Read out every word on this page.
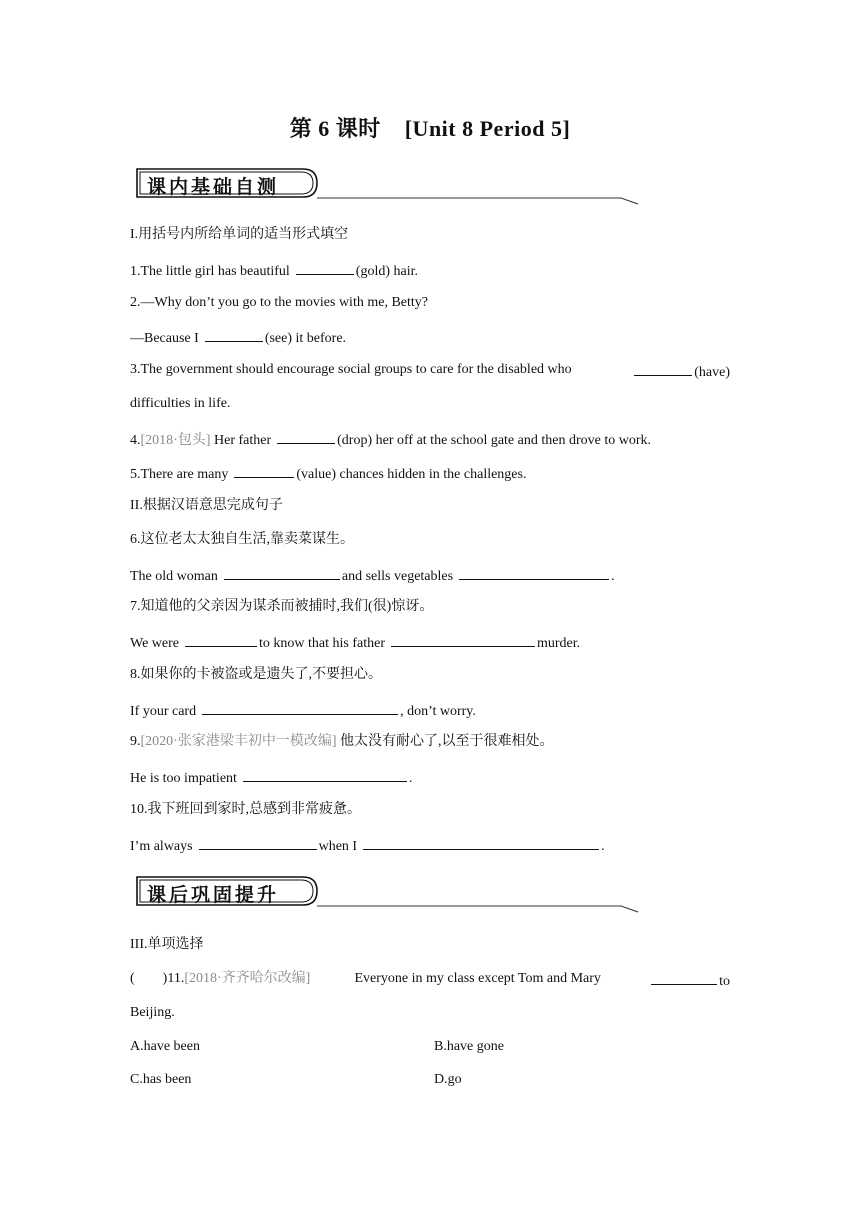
第 6 课时 [Unit 8 Period 5]
课内基础自测
I.用括号内所给单词的适当形式填空
1.The little girl has beautiful	(gold) hair.
2.—Why don’t you go to the movies with me, Betty?
—Because I	(see) it before.
3.The government should encourage social groups to care for the disabled who	(have)
difficulties in life.
4.[2018·包头] Her father	(drop) her off at the school gate and then drove to work.
5.There are many	(value) chances hidden in the challenges.
II.根据汉语意思完成句子
6.这位老太太独自生活,靠卖菜谋生。
The old woman	and sells vegetables	.
7.知道他的父亲因为谋杀而被捕时,我们(很)惊讶。
We were	to know that his father	murder.
8.如果你的卡被盗或是遗失了,不要担心。
If your card	, don’t worry.
9.[2020·张家港梁丰初中一模改编] 他太没有耐心了,以至于很难相处。
He is too impatient	.
10.我下班回到家时,总感到非常疲惫。
I’m always	when I	.
课后巩固提升
III.单项选择
( )11.[2018·齐齐哈尔改编]	Everyone in my class except Tom and Mary	to
Beijing.
A.have been	B.have gone
C.has been	D.go
